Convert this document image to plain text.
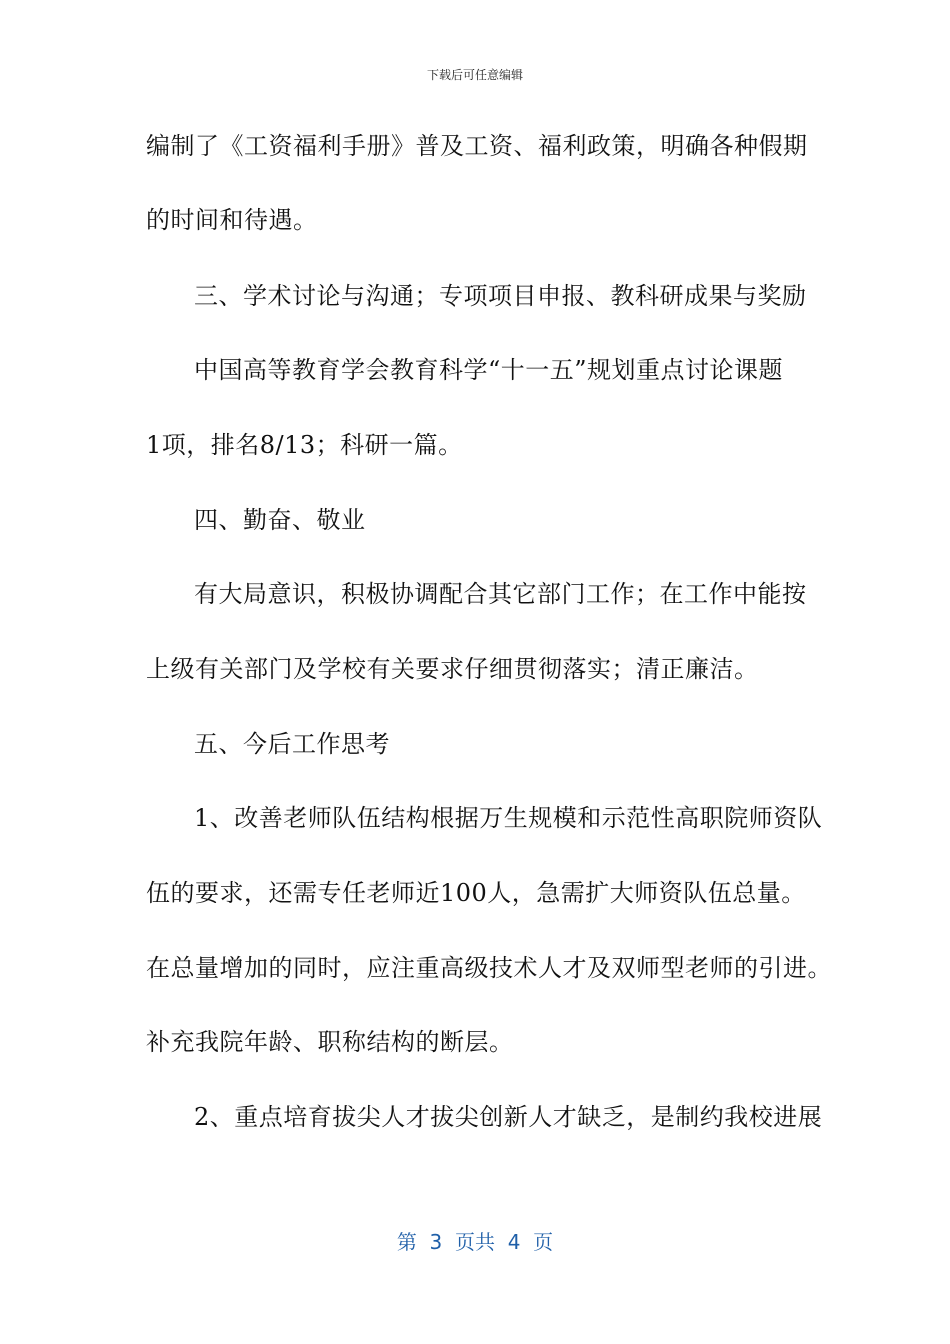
下载后可任意编辑
编制了《工资福利手册》普及工资、福利政策，明确各种假期
的时间和待遇。
三、学术讨论与沟通；专项项目申报、教科研成果与奖励
中国高等教育学会教育科学“十一五”规划重点讨论课题
1项，排名8/13；科研一篇。
四、勤奋、敬业
有大局意识，积极协调配合其它部门工作；在工作中能按
上级有关部门及学校有关要求仔细贯彻落实；清正廉洁。
五、今后工作思考
1、改善老师队伍结构根据万生规模和示范性高职院师资队
伍的要求，还需专任老师近100人，急需扩大师资队伍总量。
在总量增加的同时，应注重高级技术人才及双师型老师的引进。
补充我院年龄、职称结构的断层。
2、重点培育拔尖人才拔尖创新人才缺乏，是制约我校进展
第  3  页共  4  页
